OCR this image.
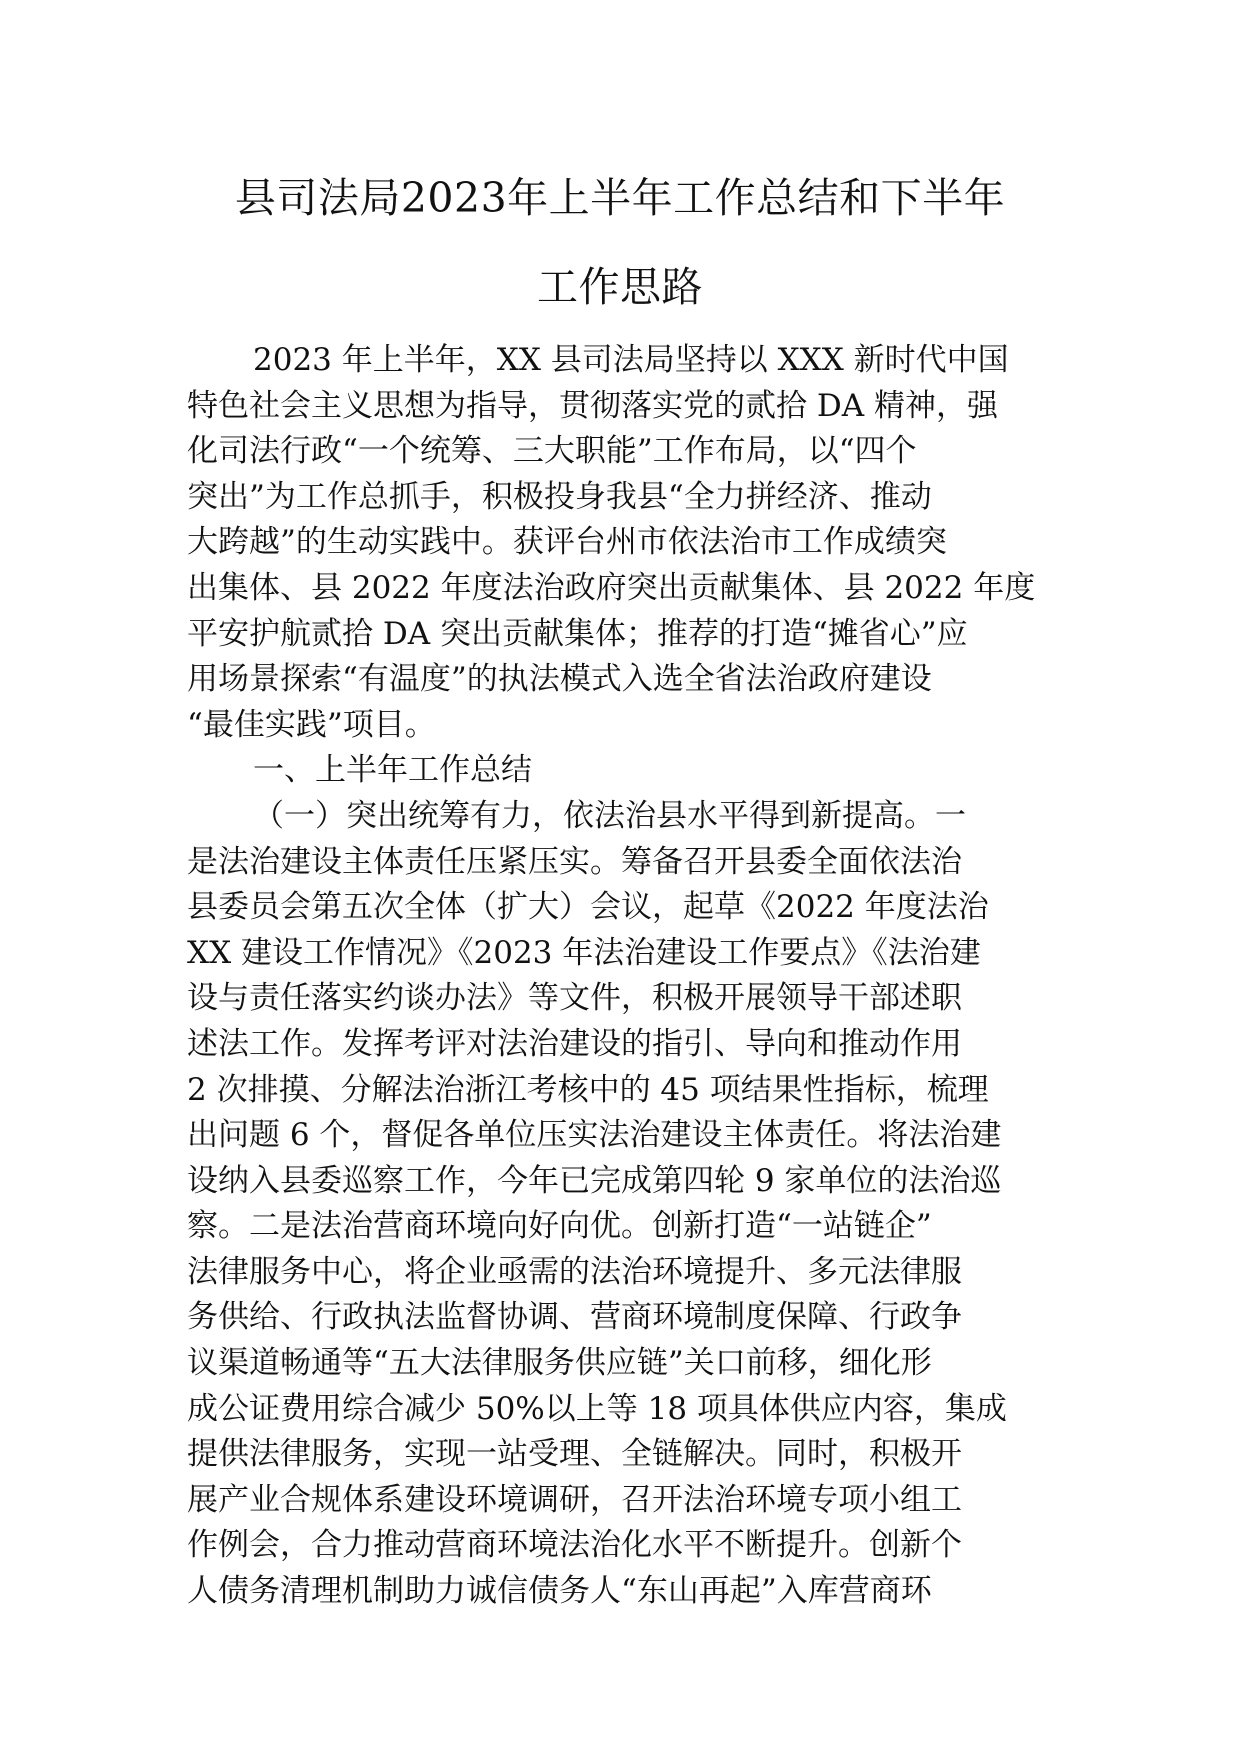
县司法局2023年上半年工作总结和下半年
工作思路
2023 年上半年，XX 县司法局坚持以 XXX 新时代中国
特色社会主义思想为指导，贯彻落实党的贰拾 DA 精神，强
化司法行政“一个统筹、三大职能”工作布局，以“四个
突出”为工作总抓手，积极投身我县“全力拼经济、推动
大跨越”的生动实践中。获评台州市依法治市工作成绩突
出集体、县 2022 年度法治政府突出贡献集体、县 2022 年度
平安护航贰拾 DA 突出贡献集体；推荐的打造“摊省心”应
用场景探索“有温度”的执法模式入选全省法治政府建设
“最佳实践”项目。
一、上半年工作总结
（一）突出统筹有力，依法治县水平得到新提高。一
是法治建设主体责任压紧压实。筹备召开县委全面依法治
县委员会第五次全体（扩大）会议，起草《2022 年度法治
XX 建设工作情况》《2023 年法治建设工作要点》《法治建
设与责任落实约谈办法》等文件，积极开展领导干部述职
述法工作。发挥考评对法治建设的指引、导向和推动作用
2 次排摸、分解法治浙江考核中的 45 项结果性指标，梳理
出问题 6 个，督促各单位压实法治建设主体责任。将法治建
设纳入县委巡察工作，今年已完成第四轮 9 家单位的法治巡
察。二是法治营商环境向好向优。创新打造“一站链企”
法律服务中心，将企业亟需的法治环境提升、多元法律服
务供给、行政执法监督协调、营商环境制度保障、行政争
议渠道畅通等“五大法律服务供应链”关口前移，细化形
成公证费用综合减少 50%以上等 18 项具体供应内容，集成
提供法律服务，实现一站受理、全链解决。同时，积极开
展产业合规体系建设环境调研，召开法治环境专项小组工
作例会，合力推动营商环境法治化水平不断提升。创新个
人债务清理机制助力诚信债务人“东山再起”入库营商环
